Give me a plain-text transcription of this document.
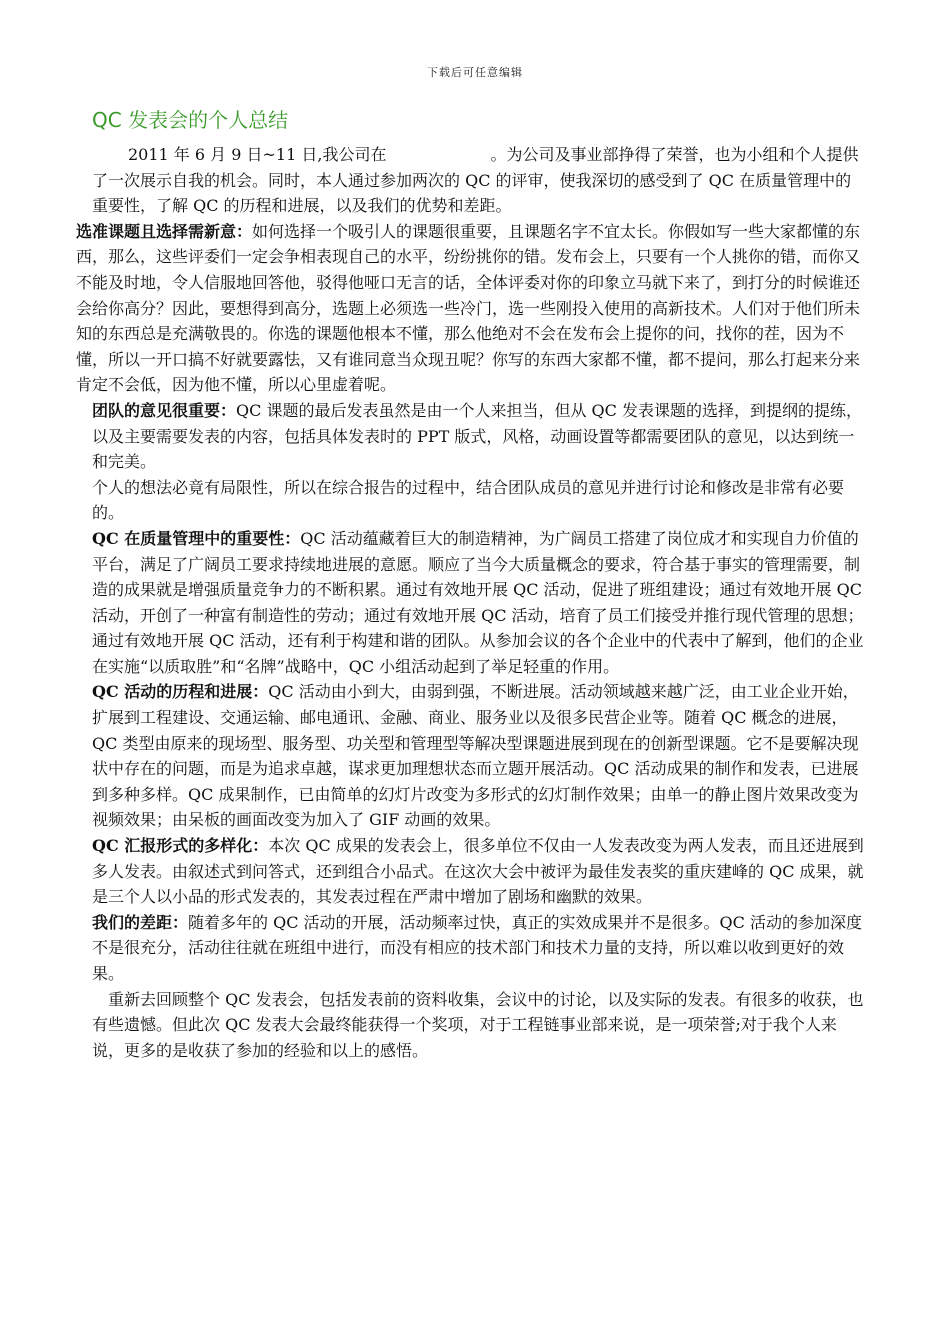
下载后可任意编辑
QC 发表会的个人总结

2011 年 6 月 9 日~11 日,我公司在	。为公司及事业部挣得了荣誉，也为小组和个人提供了一次展示自我的机会。同时，本人通过参加两次的 QC 的评审，使我深切的感受到了 QC 在质量管理中的重要性，了解 QC 的历程和进展，以及我们的优势和差距。

选准课题且选择需新意：如何选择一个吸引人的课题很重要，且课题名字不宜太长。你假如写一些大家都懂的东西，那么，这些评委们一定会争相表现自己的水平，纷纷挑你的错。发布会上，只要有一个人挑你的错，而你又不能及时地，令人信服地回答他，驳得他哑口无言的话，全体评委对你的印象立马就下来了，到打分的时候谁还会给你高分？因此，要想得到高分，选题上必须选一些冷门，选一些刚投入使用的高新技术。人们对于他们所未知的东西总是充满敬畏的。你选的课题他根本不懂，那么他绝对不会在发布会上提你的问，找你的茬，因为不懂，所以一开口搞不好就要露怯，又有谁同意当众现丑呢？你写的东西大家都不懂，都不提问，那么打起来分来肯定不会低，因为他不懂，所以心里虚着呢。

团队的意见很重要：QC 课题的最后发表虽然是由一个人来担当，但从 QC 发表课题的选择，到提纲的提练，以及主要需要发表的内容，包括具体发表时的 PPT 版式，风格，动画设置等都需要团队的意见，以达到统一和完美。

个人的想法必竟有局限性，所以在综合报告的过程中，结合团队成员的意见并进行讨论和修改是非常有必要的。

QC 在质量管理中的重要性：QC 活动蕴藏着巨大的制造精神，为广阔员工搭建了岗位成才和实现自力价值的平台，满足了广阔员工要求持续地进展的意愿。顺应了当今大质量概念的要求，符合基于事实的管理需要，制造的成果就是增强质量竞争力的不断积累。通过有效地开展 QC 活动，促进了班组建设；通过有效地开展 QC 活动，开创了一种富有制造性的劳动；通过有效地开展 QC 活动，培育了员工们接受并推行现代管理的思想；通过有效地开展 QC 活动，还有利于构建和谐的团队。从参加会议的各个企业中的代表中了解到，他们的企业在实施“以质取胜”和“名牌”战略中，QC 小组活动起到了举足轻重的作用。

QC 活动的历程和进展：QC 活动由小到大，由弱到强，不断进展。活动领域越来越广泛，由工业企业开始，扩展到工程建设、交通运输、邮电通讯、金融、商业、服务业以及很多民营企业等。随着 QC 概念的进展，QC 类型由原来的现场型、服务型、功关型和管理型等解决型课题进展到现在的创新型课题。它不是要解决现状中存在的问题，而是为追求卓越，谋求更加理想状态而立题开展活动。QC 活动成果的制作和发表，已进展到多种多样。QC 成果制作，已由简单的幻灯片改变为多形式的幻灯制作效果；由单一的静止图片效果改变为视频效果；由呆板的画面改变为加入了 GIF 动画的效果。

QC 汇报形式的多样化：本次 QC 成果的发表会上，很多单位不仅由一人发表改变为两人发表，而且还进展到多人发表。由叙述式到问答式，还到组合小品式。在这次大会中被评为最佳发表奖的重庆建峰的 QC 成果，就是三个人以小品的形式发表的，其发表过程在严肃中增加了剧场和幽默的效果。

我们的差距：随着多年的 QC 活动的开展，活动频率过快，真正的实效成果并不是很多。QC 活动的参加深度不是很充分，活动往往就在班组中进行，而没有相应的技术部门和技术力量的支持，所以难以收到更好的效果。

重新去回顾整个 QC 发表会，包括发表前的资料收集，会议中的讨论，以及实际的发表。有很多的收获，也有些遗憾。但此次 QC 发表大会最终能获得一个奖项，对于工程链事业部来说，是一项荣誉;对于我个人来说，更多的是收获了参加的经验和以上的感悟。
